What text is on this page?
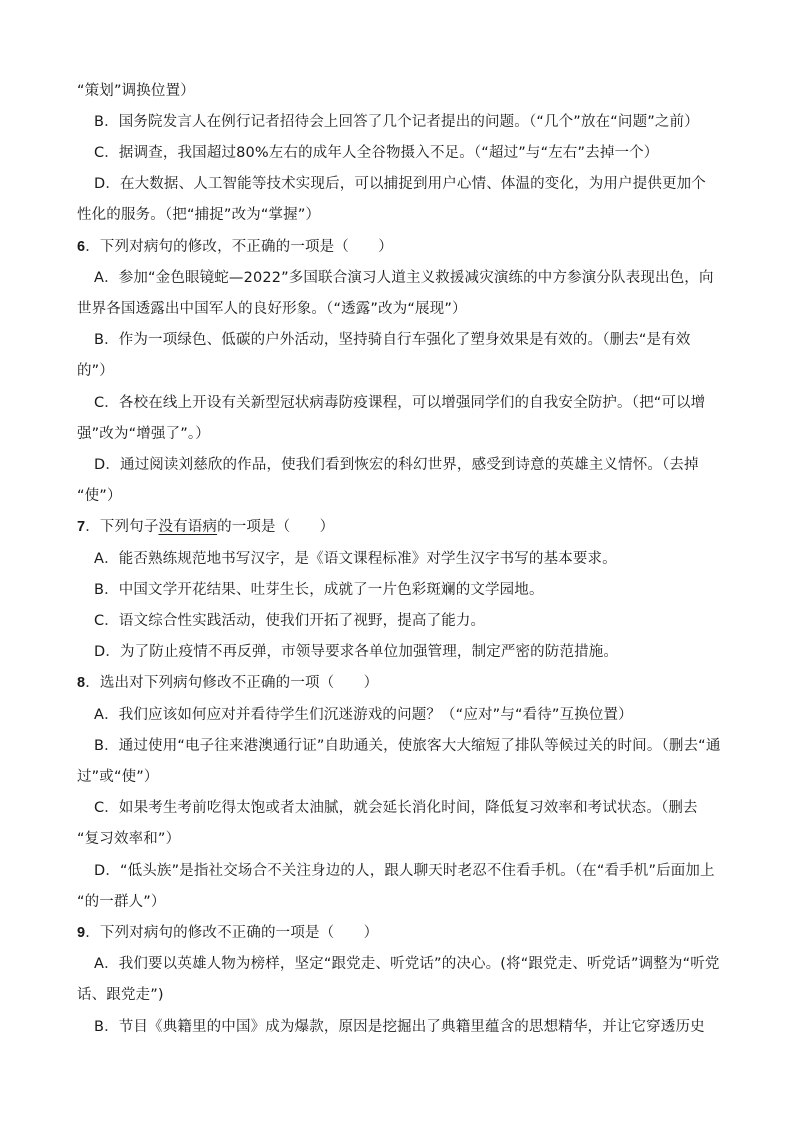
“策划”调换位置）
B．国务院发言人在例行记者招待会上回答了几个记者提出的问题。（“几个”放在“问题”之前）
C．据调查，我国超过80%左右的成年人全谷物摄入不足。（“超过”与“左右”去掉一个）
D．在大数据、人工智能等技术实现后，可以捕捉到用户心情、体温的变化，为用户提供更加个
性化的服务。（把“捕捉”改为“掌握”）
6．下列对病句的修改，不正确的一项是（　　）
A．参加“金色眼镜蛇—2022”多国联合演习人道主义救援减灾演练的中方参演分队表现出色，向
世界各国透露出中国军人的良好形象。（“透露”改为“展现”）
B．作为一项绿色、低碳的户外活动，坚持骑自行车强化了塑身效果是有效的。（删去“是有效
的”）
C．各校在线上开设有关新型冠状病毒防疫课程，可以增强同学们的自我安全防护。（把“可以增
强”改为“增强了”。）
D．通过阅读刘慈欣的作品，使我们看到恢宏的科幻世界，感受到诗意的英雄主义情怀。（去掉
“使”）
7．下列句子没有语病的一项是（　　）
A．能否熟练规范地书写汉字，是《语文课程标准》对学生汉字书写的基本要求。
B．中国文学开花结果、吐芽生长，成就了一片色彩斑斓的文学园地。
C．语文综合性实践活动，使我们开拓了视野，提高了能力。
D．为了防止疫情不再反弹，市领导要求各单位加强管理，制定严密的防范措施。
8．选出对下列病句修改不正确的一项（　　）
A．我们应该如何应对并看待学生们沉迷游戏的问题？（“应对”与“看待”互换位置）
B．通过使用“电子往来港澳通行证”自助通关，使旅客大大缩短了排队等候过关的时间。（删去“通
过”或“使”）
C．如果考生考前吃得太饱或者太油腻，就会延长消化时间，降低复习效率和考试状态。（删去
“复习效率和”）
D．“低头族”是指社交场合不关注身边的人，跟人聊天时老忍不住看手机。（在“看手机”后面加上
“的一群人”）
9．下列对病句的修改不正确的一项是（　　）
A．我们要以英雄人物为榜样，坚定“跟党走、听党话”的决心。(将“跟党走、听党话”调整为“听党
话、跟党走”)
B．节目《典籍里的中国》成为爆款，原因是挖掘出了典籍里蕴含的思想精华，并让它穿透历史
